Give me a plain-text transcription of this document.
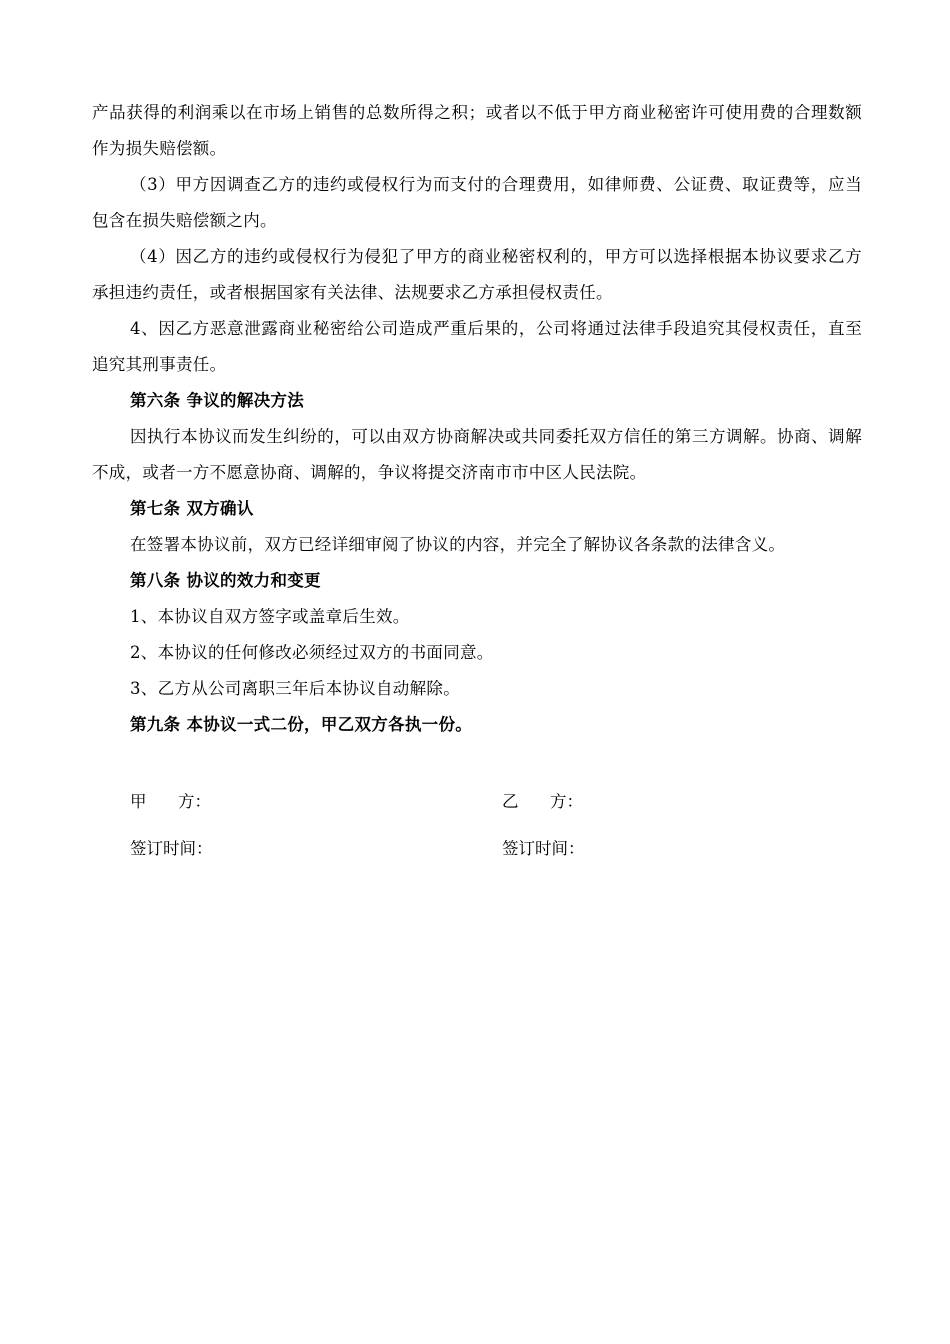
产品获得的利润乘以在市场上销售的总数所得之积；或者以不低于甲方商业秘密许可使用费的合理数额作为损失赔偿额。

（3）甲方因调查乙方的违约或侵权行为而支付的合理费用，如律师费、公证费、取证费等，应当包含在损失赔偿额之内。

（4）因乙方的违约或侵权行为侵犯了甲方的商业秘密权利的，甲方可以选择根据本协议要求乙方承担违约责任，或者根据国家有关法律、法规要求乙方承担侵权责任。

4、因乙方恶意泄露商业秘密给公司造成严重后果的，公司将通过法律手段追究其侵权责任，直至追究其刑事责任。

第六条 争议的解决方法

因执行本协议而发生纠纷的，可以由双方协商解决或共同委托双方信任的第三方调解。协商、调解不成，或者一方不愿意协商、调解的，争议将提交济南市市中区人民法院。

第七条 双方确认

在签署本协议前，双方已经详细审阅了协议的内容，并完全了解协议各条款的法律含义。

第八条 协议的效力和变更

1、本协议自双方签字或盖章后生效。

2、本协议的任何修改必须经过双方的书面同意。

3、乙方从公司离职三年后本协议自动解除。

第九条 本协议一式二份，甲乙双方各执一份。

甲      方：	乙      方：
签订时间：	签订时间：
